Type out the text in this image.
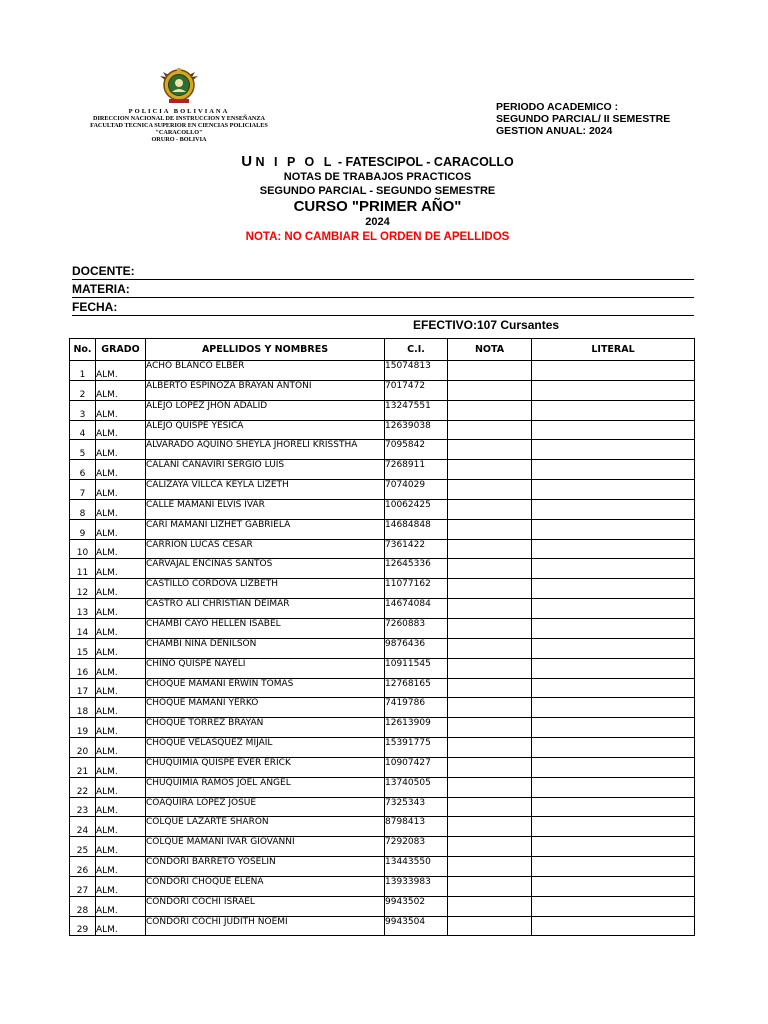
POLICIA BOLIVIANA
DIRECCION NACIONAL DE INSTRUCCION Y ENSEÑANZA
FACULTAD TECNICA SUPERIOR EN CIENCIAS POLICIALES
"CARACOLLO"
ORURO - BOLIVIA
PERIODO ACADEMICO :
SEGUNDO PARCIAL/ II SEMESTRE
GESTION ANUAL: 2024
U N I P O L - FATESCIPOL - CARACOLLO
NOTAS DE TRABAJOS PRACTICOS
SEGUNDO PARCIAL - SEGUNDO SEMESTRE
CURSO "PRIMER AÑO"
2024
NOTA: NO CAMBIAR EL ORDEN DE APELLIDOS
DOCENTE:
MATERIA:
FECHA:
EFECTIVO:107 Cursantes
No.	GRADO	APELLIDOS Y NOMBRES	C.I.	NOTA	LITERAL
1	ALM.	ACHO BLANCO ELBER	15074813		
2	ALM.	ALBERTO ESPINOZA BRAYAN ANTONI	7017472		
3	ALM.	ALEJO LOPEZ JHON ADALID	13247551		
4	ALM.	ALEJO QUISPE YESICA	12639038		
5	ALM.	ALVARADO AQUINO SHEYLA JHORELI KRISSTHA	7095842		
6	ALM.	CALANI CANAVIRI SERGIO LUIS	7268911		
7	ALM.	CALIZAYA VILLCA KEYLA LIZETH	7074029		
8	ALM.	CALLE MAMANI ELVIS IVAR	10062425		
9	ALM.	CARI MAMANI LIZHET GABRIELA	14684848		
10	ALM.	CARRION LUCAS CESAR	7361422		
11	ALM.	CARVAJAL ENCINAS SANTOS	12645336		
12	ALM.	CASTILLO CORDOVA LIZBETH	11077162		
13	ALM.	CASTRO ALI CHRISTIAN DEIMAR	14674084		
14	ALM.	CHAMBI CAYO HELLEN ISABEL	7260883		
15	ALM.	CHAMBI NINA DENILSON	9876436		
16	ALM.	CHINO QUISPE NAYELI	10911545		
17	ALM.	CHOQUE MAMANI ERWIN TOMAS	12768165		
18	ALM.	CHOQUE MAMANI YERKO	7419786		
19	ALM.	CHOQUE TORREZ BRAYAN	12613909		
20	ALM.	CHOQUE VELASQUEZ MIJAIL	15391775		
21	ALM.	CHUQUIMIA QUISPE EVER ERICK	10907427		
22	ALM.	CHUQUIMIA RAMOS JOEL ANGEL	13740505		
23	ALM.	COAQUIRA LOPEZ JOSUE	7325343		
24	ALM.	COLQUE LAZARTE SHARON	8798413		
25	ALM.	COLQUE MAMANI IVAR GIOVANNI	7292083		
26	ALM.	CONDORI BARRETO YOSELIN	13443550		
27	ALM.	CONDORI CHOQUE ELENA	13933983		
28	ALM.	CONDORI COCHI ISRAEL	9943502		
29	ALM.	CONDORI COCHI JUDITH NOEMI	9943504		
